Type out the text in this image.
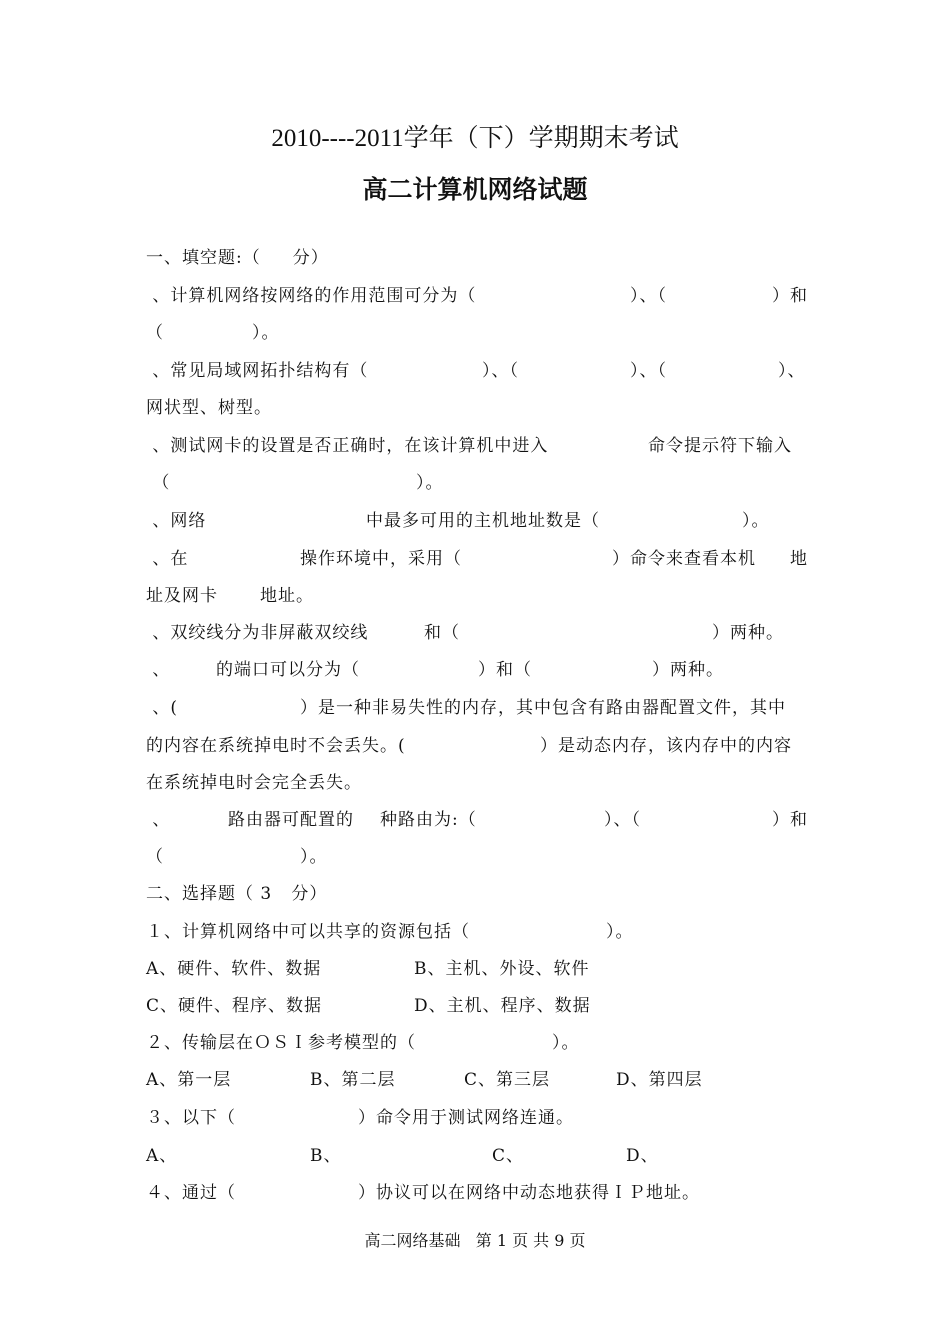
2010----2011学年（下）学期期末考试
高二计算机网络试题
一、填空题:（     分）
、计算机网络按网络的作用范围可分为（	）、（	）和
（	）。
、常见局域网拓扑结构有（	）、（	）、（	）、
网状型、树型。
、测试网卡的设置是否正确时，在该计算机中进入	命令提示符下输入
（	）。
、网络	中最多可用的主机地址数是（	）。
、在	操作环境中，采用（	）命令来查看本机 地
址及网卡 地址。
、双绞线分为非屏蔽双绞线	和（	）两种。
、	的端口可以分为（	）和（	）两种。
、(	）是一种非易失性的内存，其中包含有路由器配置文件，其中
的内容在系统掉电时不会丢失。(	）是动态内存，该内存中的内容
在系统掉电时会完全丢失。
、	路由器可配置的 种路由为:（	）、（	）和
（	）。
二、选择题（ 3   分）
１、计算机网络中可以共享的资源包括（	）。
A、硬件、软件、数据	B、主机、外设、软件
C、硬件、程序、数据	D、主机、程序、数据
２、传输层在ＯＳＩ参考模型的（	）。
A、第一层	B、第二层	C、第三层	D、第四层
３、以下（	）命令用于测试网络连通。
A、	B、	C、	D、
４、通过（	）协议可以在网络中动态地获得ＩＰ地址。
高二网络基础   第 1 页 共 9 页
